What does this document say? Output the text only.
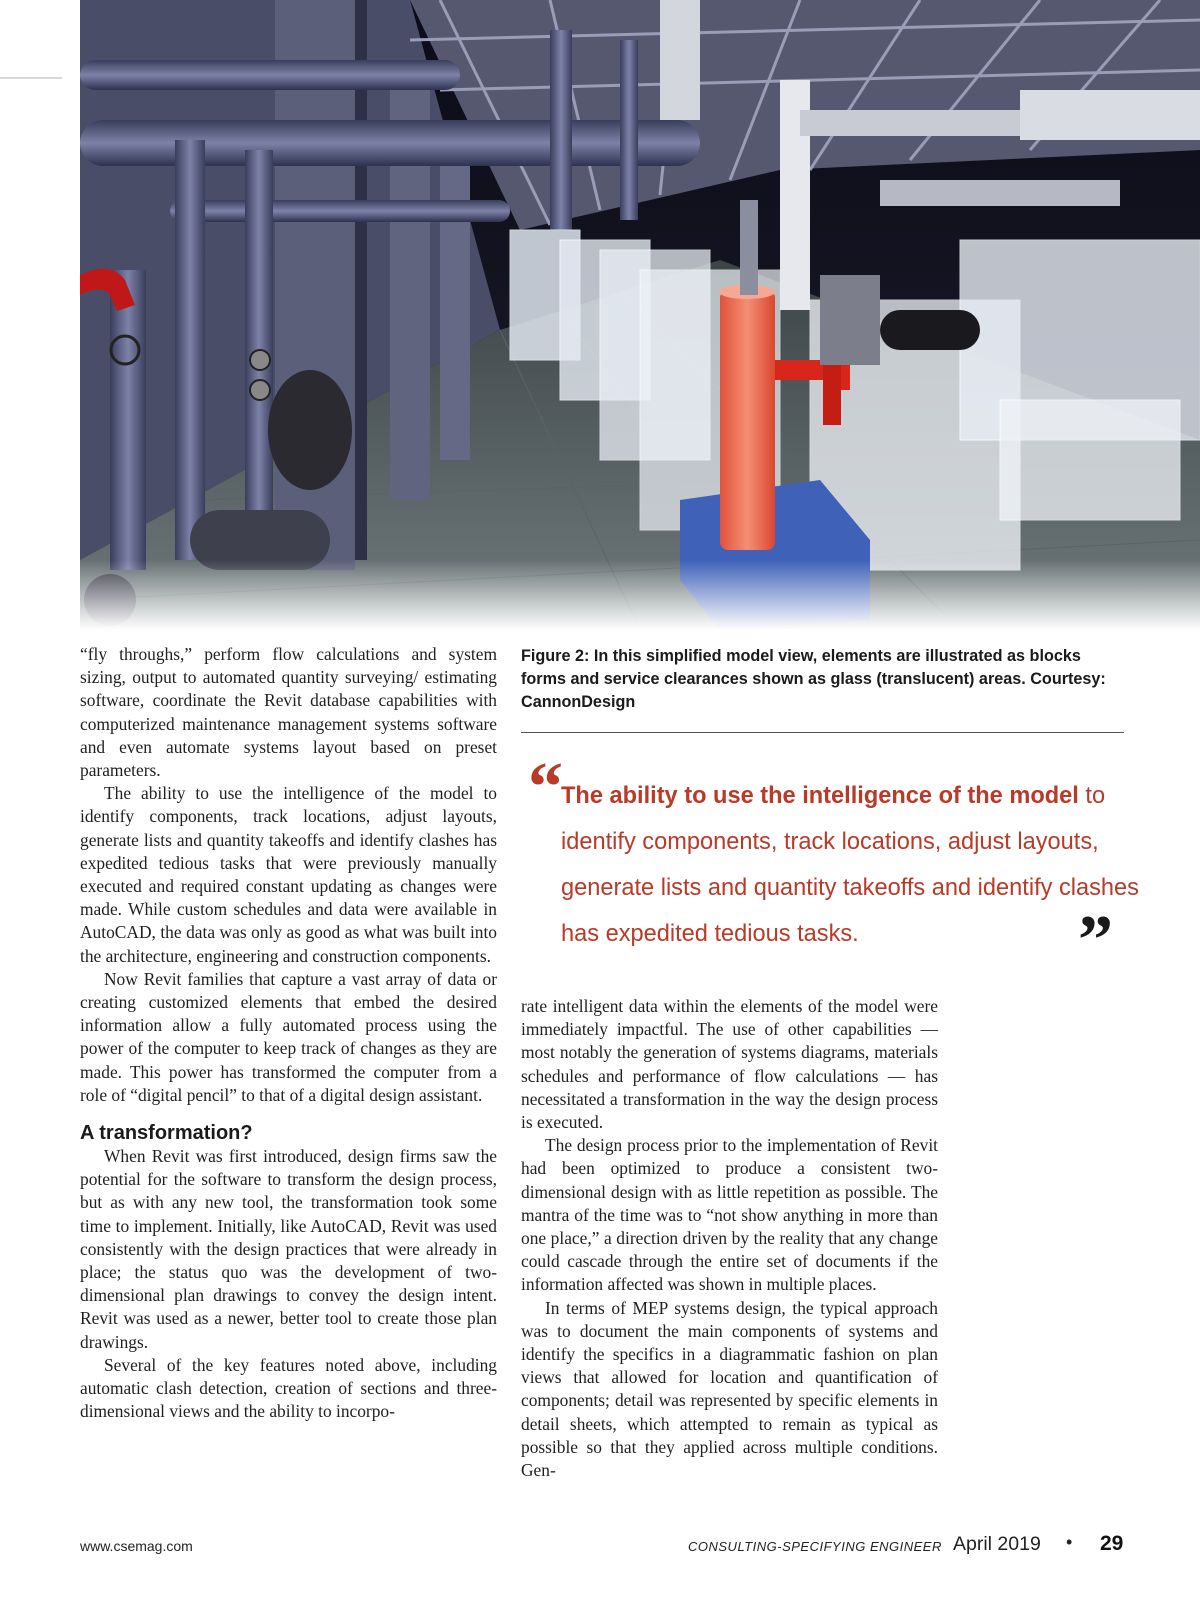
“fly throughs,” perform flow calculations and system sizing, output to automated quantity surveying/ estimating software, coordinate the Revit database capabilities with computerized maintenance management systems software and even automate systems layout based on preset parameters.

The ability to use the intelligence of the model to identify components, track locations, adjust layouts, generate lists and quantity takeoffs and identify clashes has expedited tedious tasks that were previously manually executed and required constant updating as changes were made. While custom schedules and data were available in AutoCAD, the data was only as good as what was built into the architecture, engineering and construction components.

Now Revit families that capture a vast array of data or creating customized elements that embed the desired information allow a fully automated process using the power of the computer to keep track of changes as they are made. This power has transformed the computer from a role of “digital pencil” to that of a digital design assistant.

A transformation?

When Revit was first introduced, design firms saw the potential for the software to transform the design process, but as with any new tool, the transformation took some time to implement. Initially, like AutoCAD, Revit was used consistently with the design practices that were already in place; the status quo was the development of two-dimensional plan drawings to convey the design intent. Revit was used as a newer, better tool to create those plan drawings.

Several of the key features noted above, including automatic clash detection, creation of sections and three-dimensional views and the ability to incorpo-

Figure 2: In this simplified model view, elements are illustrated as blocks forms and service clearances shown as glass (translucent) areas. Courtesy: CannonDesign
“
The ability to use the intelligence of the model to identify components, track locations, adjust layouts, generate lists and quantity takeoffs and identify clashes has expedited tedious tasks.	”

rate intelligent data within the elements of the model were immediately impactful. The use of other capabilities — most notably the generation of systems diagrams, materials schedules and performance of flow calculations — has necessitated a transformation in the way the design process is executed.

The design process prior to the implementation of Revit had been optimized to produce a consistent two-dimensional design with as little repetition as possible. The mantra of the time was to “not show anything in more than one place,” a direction driven by the reality that any change could cascade through the entire set of documents if the information affected was shown in multiple places.

In terms of MEP systems design, the typical approach was to document the main components of systems and identify the specifics in a diagrammatic fashion on plan views that allowed for location and quantification of components; detail was represented by specific elements in detail sheets, which attempted to remain as typical as possible so that they applied across multiple conditions. Gen-

www.csemag.com	CONSULTING-SPECIFYING ENGINEER April 2019 • 29
